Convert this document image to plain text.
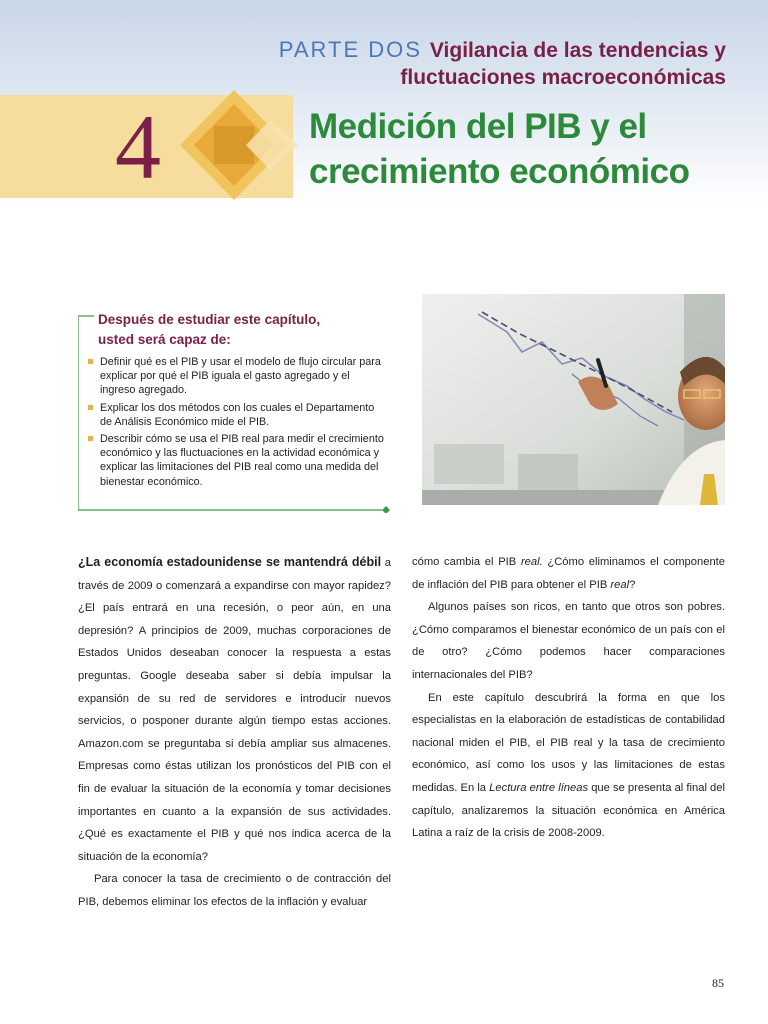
PARTE DOS Vigilancia de las tendencias y
fluctuaciones macroeconómicas
4	Medición del PIB y el
crecimiento económico
Después de estudiar este capítulo,
usted será capaz de:
Definir qué es el PIB y usar el modelo de flujo circular para explicar por qué el PIB iguala el gasto agregado y el ingreso agregado.
Explicar los dos métodos con los cuales el Departamento de Análisis Económico mide el PIB.
Describir cómo se usa el PIB real para medir el crecimiento económico y las fluctuaciones en la actividad económica y explicar las limitaciones del PIB real como una medida del bienestar económico.

¿La economía estadounidense se mantendrá débil a través de 2009 o comenzará a expandirse con mayor rapidez? ¿El país entrará en una recesión, o peor aún, en una depresión? A principios de 2009, muchas corporaciones de Estados Unidos deseaban conocer la respuesta a estas preguntas. Google deseaba saber si debía impulsar la expansión de su red de servidores e introducir nuevos servicios, o posponer durante algún tiempo estas acciones. Amazon.com se preguntaba si debía ampliar sus almacenes. Empresas como éstas utilizan los pronósticos del PIB con el fin de evaluar la situación de la economía y tomar decisiones importantes en cuanto a la expansión de sus actividades. ¿Qué es exactamente el PIB y qué nos indica acerca de la situación de la economía?

Para conocer la tasa de crecimiento o de contracción del PIB, debemos eliminar los efectos de la inflación y evaluar

cómo cambia el PIB real. ¿Cómo eliminamos el componente de inflación del PIB para obtener el PIB real?

Algunos países son ricos, en tanto que otros son pobres. ¿Cómo comparamos el bienestar económico de un país con el de otro? ¿Cómo podemos hacer comparaciones internacionales del PIB?

En este capítulo descubrirá la forma en que los especialistas en la elaboración de estadísticas de contabilidad nacional miden el PIB, el PIB real y la tasa de crecimiento económico, así como los usos y las limitaciones de estas medidas. En la Lectura entre líneas que se presenta al final del capítulo, analizaremos la situación económica en América Latina a raíz de la crisis de 2008-2009.

85
